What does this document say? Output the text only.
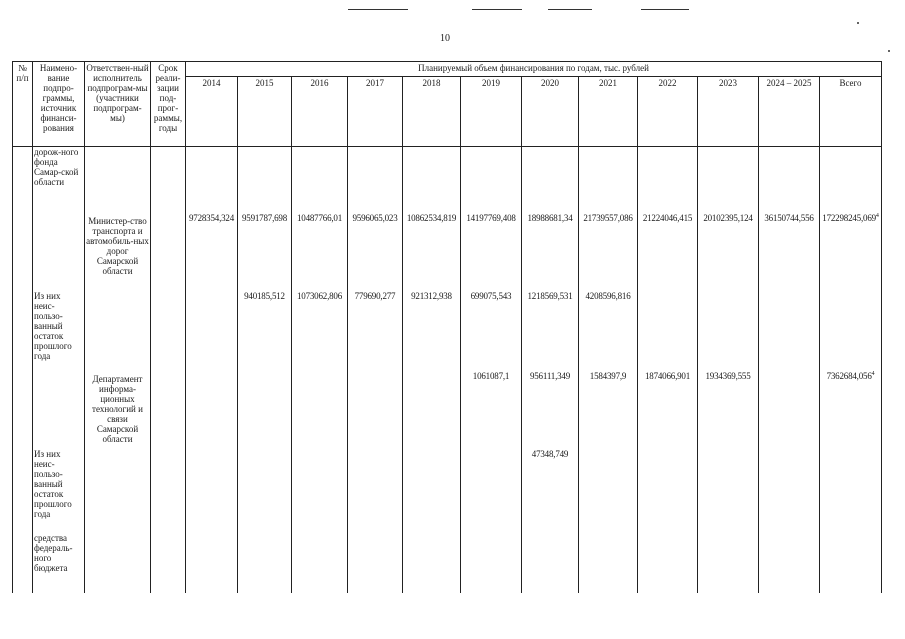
10
№ п/п	Наимено-вание подпро-граммы, источник финанси-рования	Ответствен-ный исполнитель подпрограм-мы (участники подпрограм-мы)	Срок реали-зации под-прог-раммы, годы	Планируемый объем финансирования по годам, тыс. рублей											
				2014	2015	2016	2017	2018	2019	2020	2021	2022	2023	2024 – 2025	Всего
	дорож-ного фонда Самар-ской области														
		Министер-ство транспорта и автомобиль-ных дорог Самарской области		9728354,324	9591787,698	10487766,01	9596065,023	10862534,819	14197769,408	18988681,34	21739557,086	21224046,415	20102395,124	36150744,556	172298245,069$^4$
	Из них неис-пользо-ванный остаток прошлого года				940185,512	1073062,806	779690,277	921312,938	699075,543	1218569,531	4208596,816				
		Департамент информа-ционных технологий и связи Самарской области							1061087,1	956111,349	1584397,9	1874066,901	1934369,555		7362684,056$^4$
	Из них неис-пользо-ванный остаток прошлого года									47348,749					
	средства федераль-ного бюджета														
